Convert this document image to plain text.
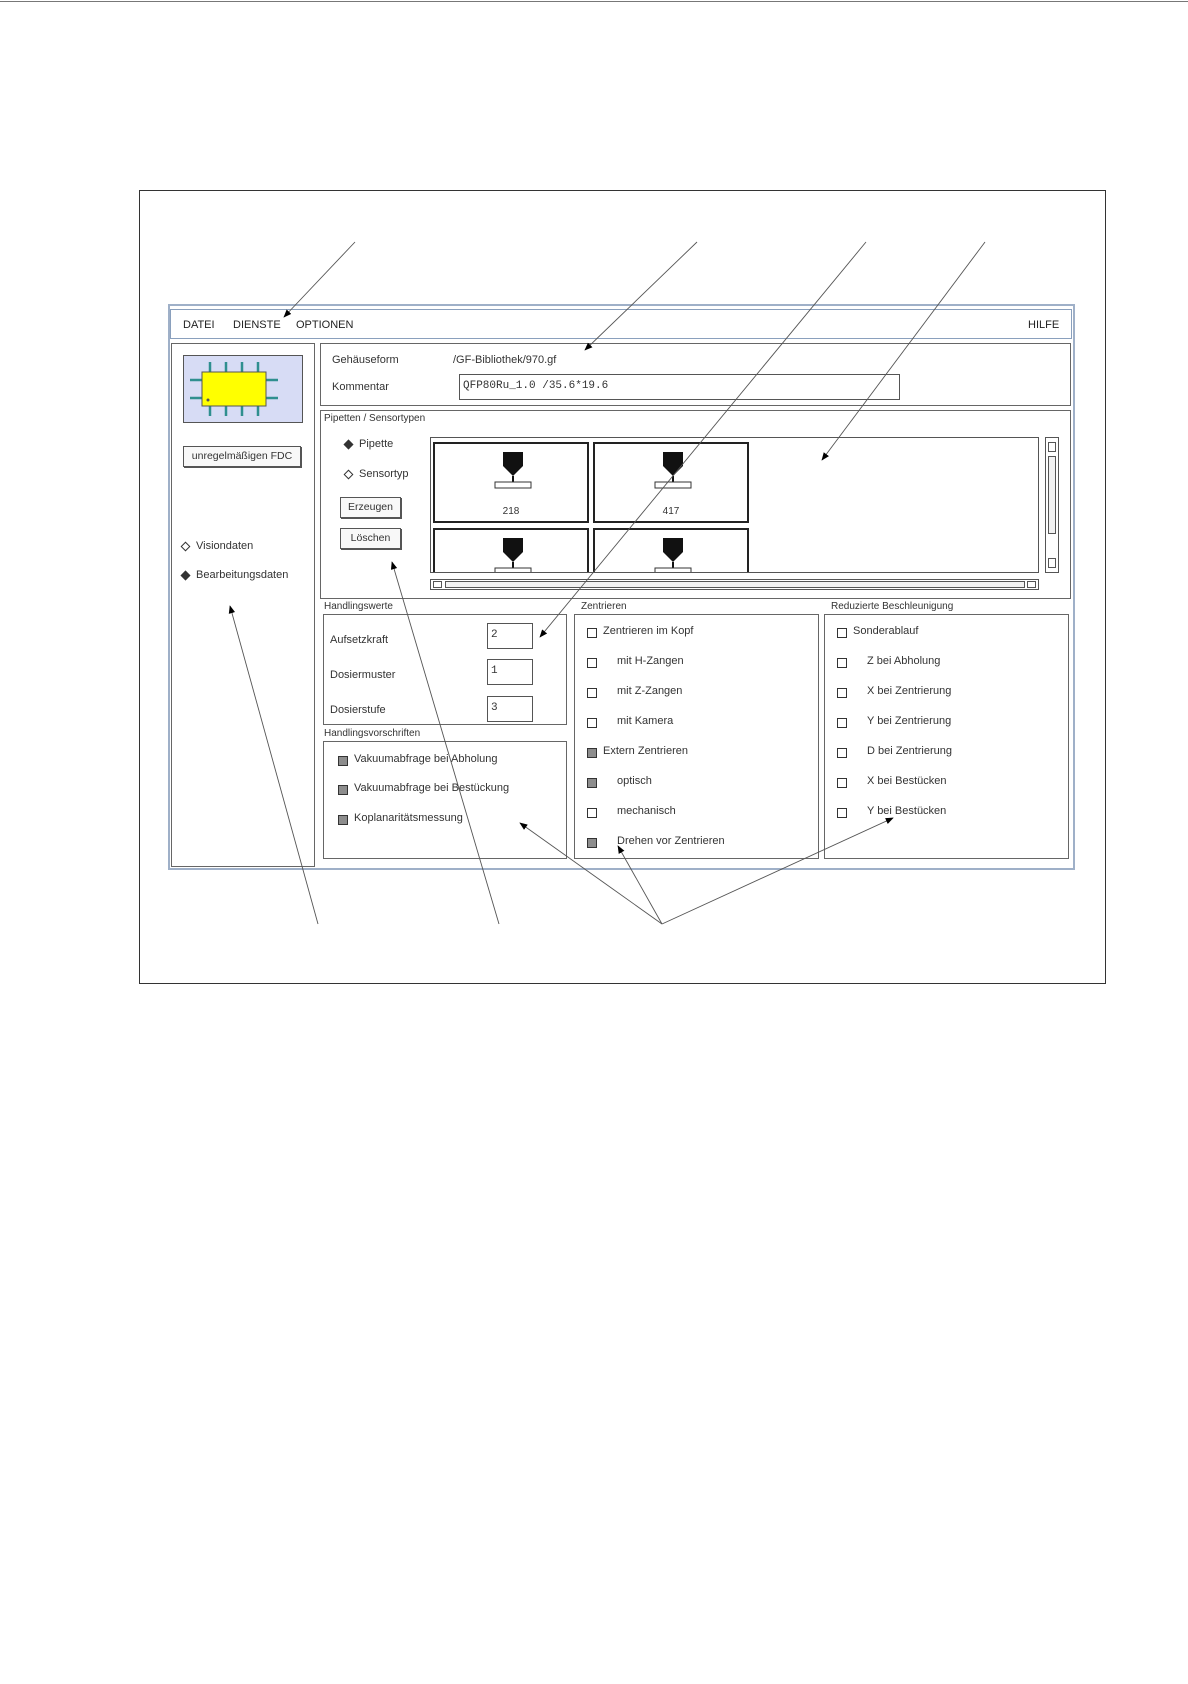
DATEI DIENSTE OPTIONEN	HILFE
unregelmäßigen FDC
Visiondaten
Bearbeitungsdaten
Gehäuseform	/GF-Bibliothek/970.gf
Kommentar	QFP80Ru_1.0 /35.6*19.6
Pipetten / Sensortypen
Pipette
Sensortyp
Erzeugen
Löschen
218	417
Handlingswerte
Aufsetzkraft	2
Dosiermuster	1
Dosierstufe	3
Handlingsvorschriften
Vakuumabfrage bei Abholung
Vakuumabfrage bei Bestückung
Koplanaritätsmessung
Zentrieren
Zentrieren im Kopf
mit H-Zangen
mit Z-Zangen
mit Kamera
Extern Zentrieren
optisch
mechanisch
Drehen vor Zentrieren
Reduzierte Beschleunigung
Sonderablauf
Z bei Abholung
X bei Zentrierung
Y bei Zentrierung
D bei Zentrierung
X bei Bestücken
Y bei Bestücken
